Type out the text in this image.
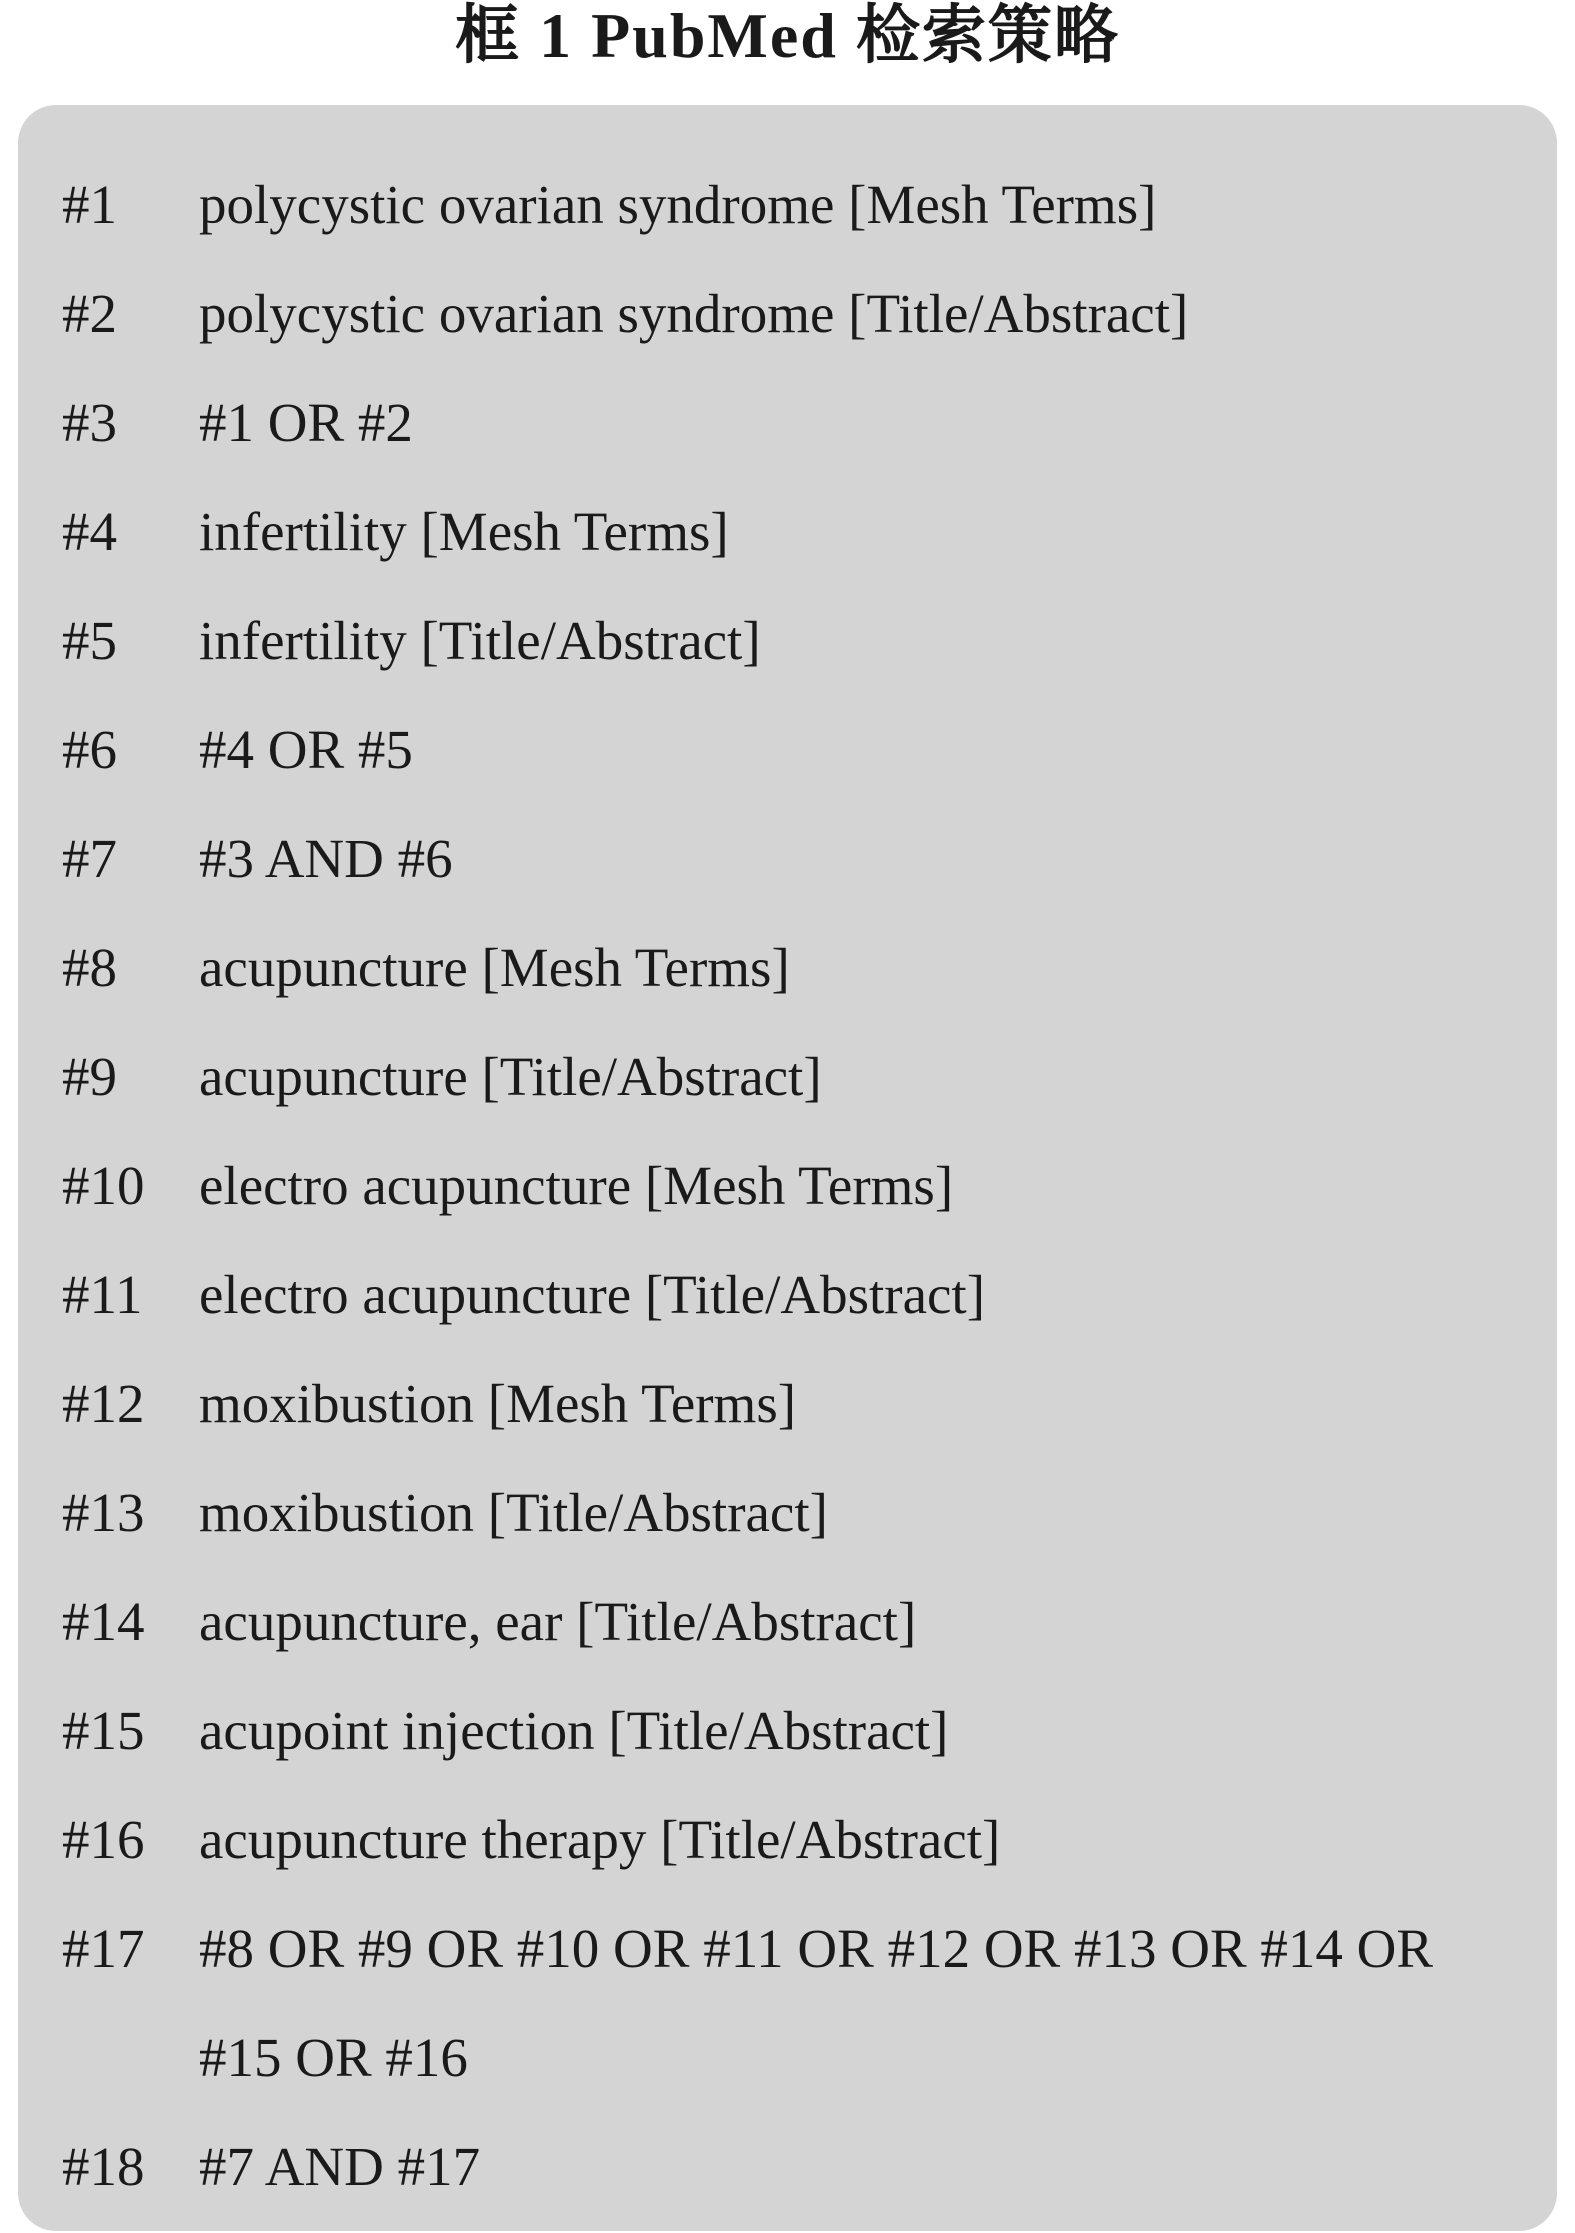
框 1 PubMed 检索策略
#1	polycystic ovarian syndrome [Mesh Terms]
#2	polycystic ovarian syndrome [Title/Abstract]
#3	#1 OR #2
#4	infertility [Mesh Terms]
#5	infertility [Title/Abstract]
#6	#4 OR #5
#7	#3 AND #6
#8	acupuncture [Mesh Terms]
#9	acupuncture [Title/Abstract]
#10 electro acupuncture [Mesh Terms]
#11	electro acupuncture [Title/Abstract]
#12 moxibustion [Mesh Terms]
#13 moxibustion [Title/Abstract]
#14 acupuncture, ear [Title/Abstract]
#15 acupoint injection [Title/Abstract]
#16 acupuncture therapy [Title/Abstract]
#17 #8 OR #9 OR #10 OR #11 OR #12 OR #13 OR #14 OR #15 OR #16
#18 #7 AND #17
